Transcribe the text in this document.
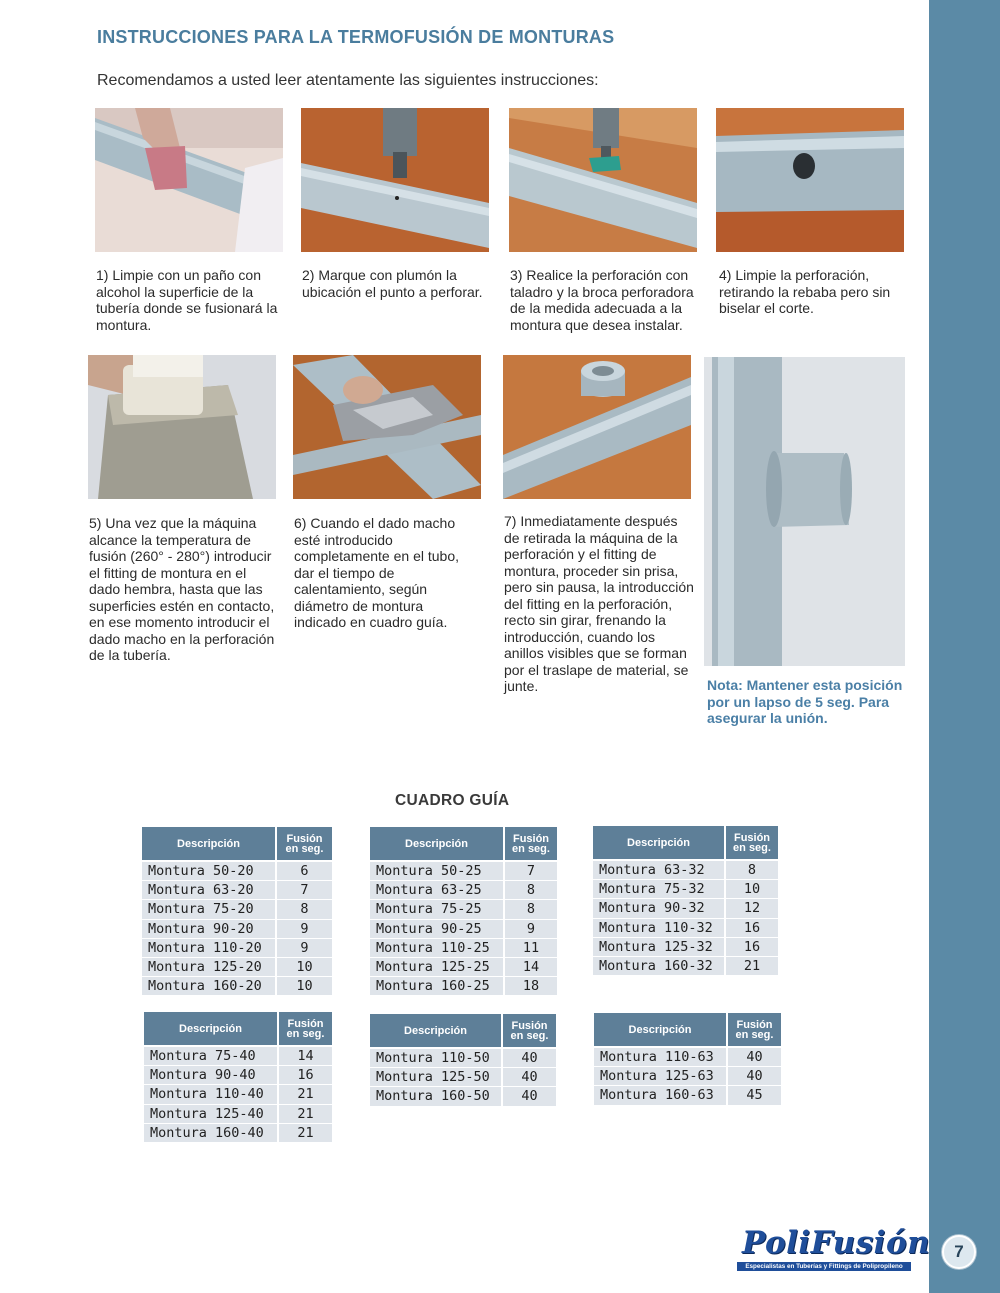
7
INSTRUCCIONES PARA LA TERMOFUSIÓN DE MONTURAS

Recomendamos a usted leer atentamente las siguientes instrucciones:

1) Limpie con un paño con alcohol la superficie de la tubería donde se fusionará la montura.

2) Marque con plumón la ubicación el punto a perforar.

3) Realice la perforación con taladro y la broca perforadora de la medida adecuada a la montura que desea instalar.

4) Limpie la perforación, retirando la rebaba pero sin biselar el corte.

5) Una vez que la máquina alcance la temperatura de fusión (260° - 280°) introducir el fitting de montura en el dado hembra, hasta que las superficies estén en contacto, en ese momento introducir el dado macho en la perforación de la tubería.

6) Cuando el dado macho esté introducido completamente en el tubo, dar el tiempo de calentamiento, según diámetro de montura indicado en cuadro guía.

7) Inmediatamente después de retirada la máquina de la perforación y el fitting de montura, proceder sin prisa, pero sin pausa, la introducción del fitting en la perforación, recto sin girar, frenando la introducción, cuando los anillos visibles que se forman por el traslape de material, se junte.	Nota: Mantener esta posición por un lapso de 5 seg. Para asegurar la unión.

CUADRO GUÍA
Descripción	Fusión
en seg.
Montura 50-20	6
Montura 63-20	7
Montura 75-20	8
Montura 90-20	9
Montura 110-20	9
Montura 125-20	10
Montura 160-20	10
Descripción	Fusión
en seg.
Montura 50-25	7
Montura 63-25	8
Montura 75-25	8
Montura 90-25	9
Montura 110-25	11
Montura 125-25	14
Montura 160-25	18
Descripción	Fusión
en seg.
Montura 63-32	8
Montura 75-32	10
Montura 90-32	12
Montura 110-32	16
Montura 125-32	16
Montura 160-32	21
Descripción	Fusión
en seg.
Montura 75-40	14
Montura 90-40	16
Montura 110-40	21
Montura 125-40	21
Montura 160-40	21
Descripción	Fusión
en seg.
Montura 110-50	40
Montura 125-50	40
Montura 160-50	40
Descripción	Fusión
en seg.
Montura 110-63	40
Montura 125-63	40
Montura 160-63	45
PoliFusión
Especialistas en Tuberías y Fittings de Polipropileno
